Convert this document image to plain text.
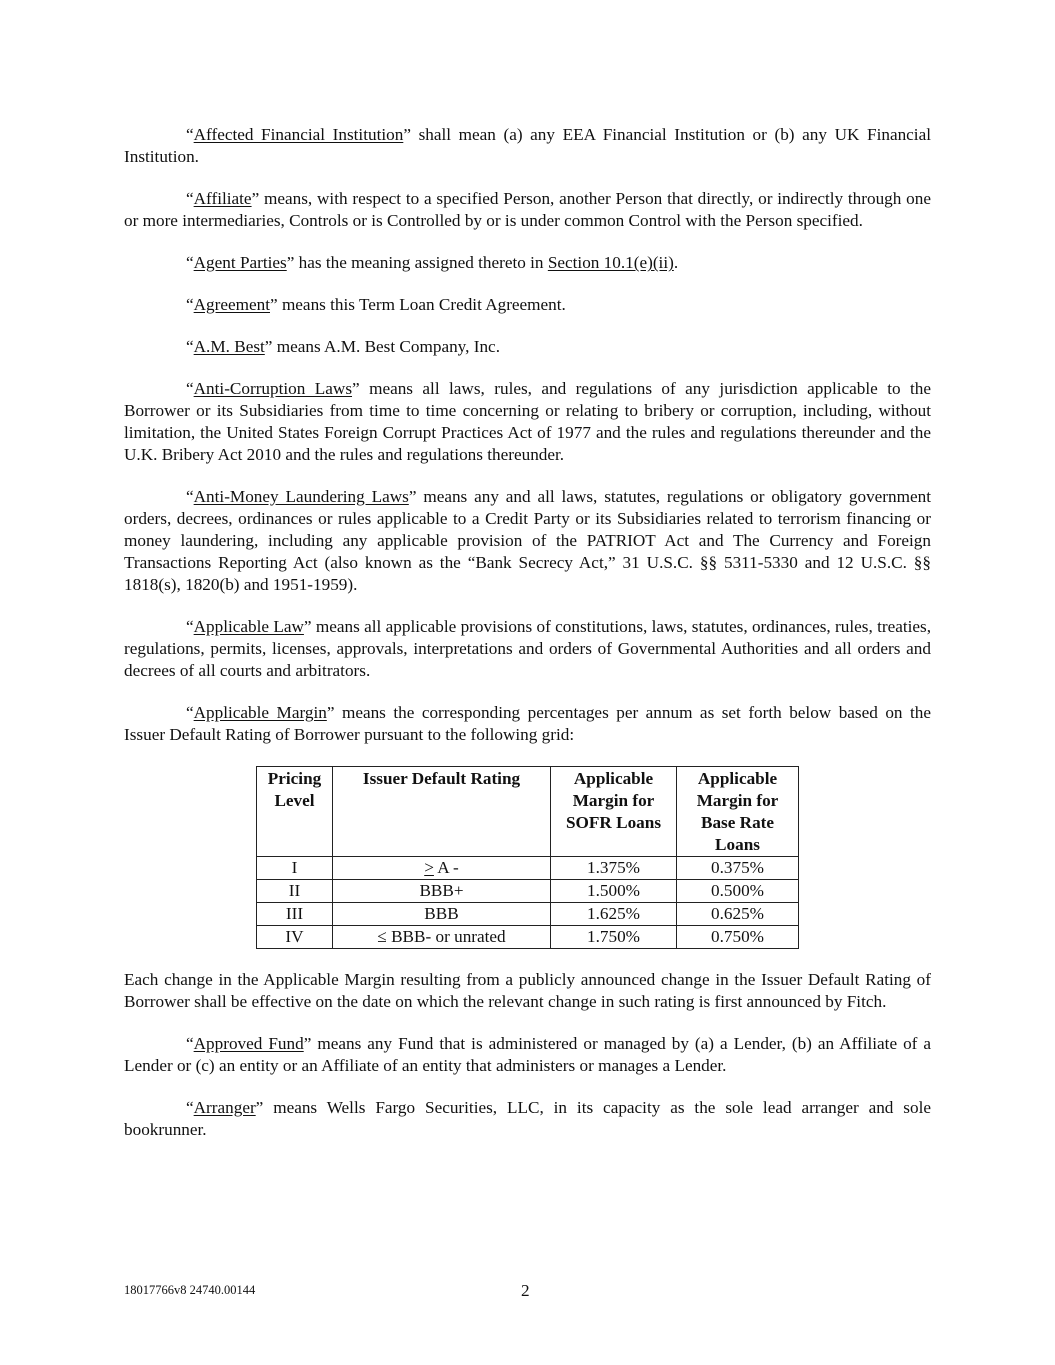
“Affected Financial Institution” shall mean (a) any EEA Financial Institution or (b) any UK Financial Institution.

“Affiliate” means, with respect to a specified Person, another Person that directly, or indirectly through one or more intermediaries, Controls or is Controlled by or is under common Control with the Person specified.

“Agent Parties” has the meaning assigned thereto in Section 10.1(e)(ii).

“Agreement” means this Term Loan Credit Agreement.

“A.M. Best” means A.M. Best Company, Inc.

“Anti-Corruption Laws” means all laws, rules, and regulations of any jurisdiction applicable to the Borrower or its Subsidiaries from time to time concerning or relating to bribery or corruption, including, without limitation, the United States Foreign Corrupt Practices Act of 1977 and the rules and regulations thereunder and the U.K. Bribery Act 2010 and the rules and regulations thereunder.

“Anti-Money Laundering Laws” means any and all laws, statutes, regulations or obligatory government orders, decrees, ordinances or rules applicable to a Credit Party or its Subsidiaries related to terrorism financing or money laundering, including any applicable provision of the PATRIOT Act and The Currency and Foreign Transactions Reporting Act (also known as the “Bank Secrecy Act,” 31 U.S.C. §§ 5311-5330 and 12 U.S.C. §§ 1818(s), 1820(b) and 1951-1959).

“Applicable Law” means all applicable provisions of constitutions, laws, statutes, ordinances, rules, treaties, regulations, permits, licenses, approvals, interpretations and orders of Governmental Authorities and all orders and decrees of all courts and arbitrators.

“Applicable Margin” means the corresponding percentages per annum as set forth below based on the Issuer Default Rating of Borrower pursuant to the following grid:

Pricing Level	Issuer Default Rating	Applicable Margin for SOFR Loans	Applicable Margin for Base Rate Loans
I	> A -	1.375%	0.375%
II	BBB+	1.500%	0.500%
III	BBB	1.625%	0.625%
IV	≤ BBB- or unrated	1.750%	0.750%

Each change in the Applicable Margin resulting from a publicly announced change in the Issuer Default Rating of Borrower shall be effective on the date on which the relevant change in such rating is first announced by Fitch.

“Approved Fund” means any Fund that is administered or managed by (a) a Lender, (b) an Affiliate of a Lender or (c) an entity or an Affiliate of an entity that administers or manages a Lender.

“Arranger” means Wells Fargo Securities, LLC, in its capacity as the sole lead arranger and sole bookrunner.

18017766v8 24740.00144	2
